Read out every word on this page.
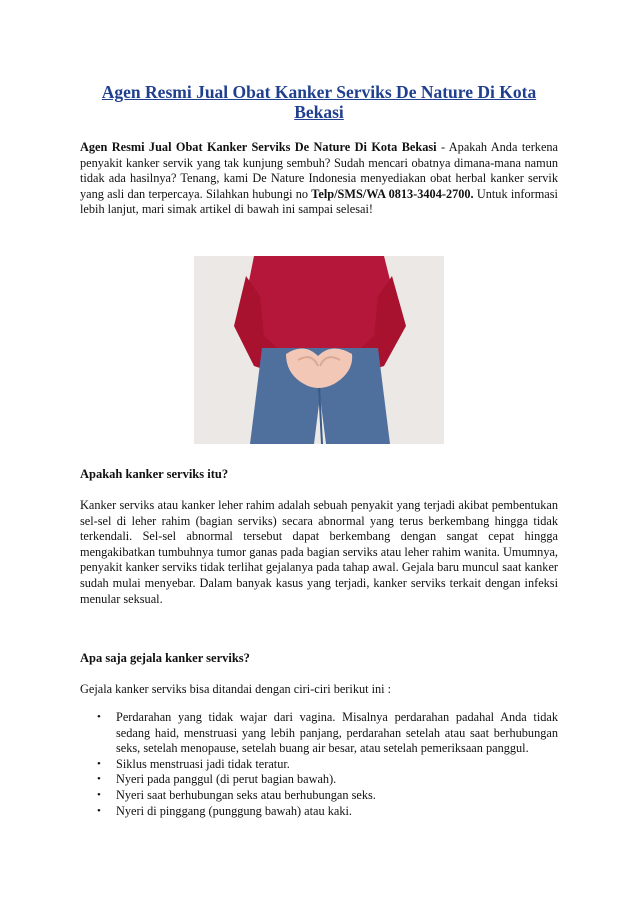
Agen Resmi Jual Obat Kanker Serviks De Nature Di Kota Bekasi

Agen Resmi Jual Obat Kanker Serviks De Nature Di Kota Bekasi - Apakah Anda terkena penyakit kanker servik yang tak kunjung sembuh? Sudah mencari obatnya dimana-mana namun tidak ada hasilnya? Tenang, kami De Nature Indonesia menyediakan obat herbal kanker servik yang asli dan terpercaya. Silahkan hubungi no Telp/SMS/WA 0813-3404-2700. Untuk informasi lebih lanjut, mari simak artikel di bawah ini sampai selesai!

Apakah kanker serviks itu?

Kanker serviks atau kanker leher rahim adalah sebuah penyakit yang terjadi akibat pembentukan sel-sel di leher rahim (bagian serviks) secara abnormal yang terus berkembang hingga tidak terkendali. Sel-sel abnormal tersebut dapat berkembang dengan sangat cepat hingga mengakibatkan tumbuhnya tumor ganas pada bagian serviks atau leher rahim wanita. Umumnya, penyakit kanker serviks tidak terlihat gejalanya pada tahap awal. Gejala baru muncul saat kanker sudah mulai menyebar. Dalam banyak kasus yang terjadi, kanker serviks terkait dengan infeksi menular seksual.

Apa saja gejala kanker serviks?

Gejala kanker serviks bisa ditandai dengan ciri-ciri berikut ini :

• Perdarahan yang tidak wajar dari vagina. Misalnya perdarahan padahal Anda tidak sedang haid, menstruasi yang lebih panjang, perdarahan setelah atau saat berhubungan seks, setelah menopause, setelah buang air besar, atau setelah pemeriksaan panggul.
• Siklus menstruasi jadi tidak teratur.
• Nyeri pada panggul (di perut bagian bawah).
• Nyeri saat berhubungan seks atau berhubungan seks.
• Nyeri di pinggang (punggung bawah) atau kaki.
